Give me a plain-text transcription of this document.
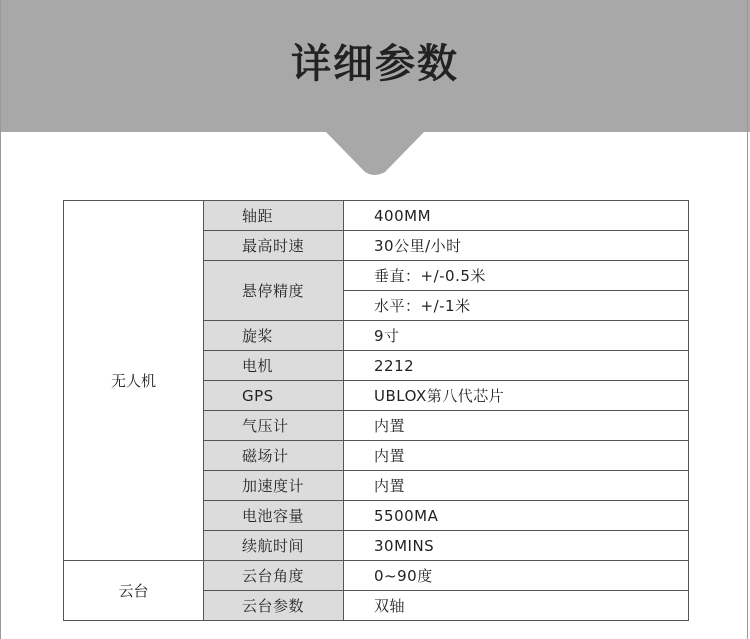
详细参数
无人机	轴距	400MM
	最高时速	30公里/小时
	悬停精度	垂直：+/-0.5米
		水平：+/-1米
	旋桨	9寸
	电机	2212
	GPS	UBLOX第八代芯片
	气压计	内置
	磁场计	内置
	加速度计	内置
	电池容量	5500MA
	续航时间	30MINS
云台	云台角度	0~90度
	云台参数	双轴
